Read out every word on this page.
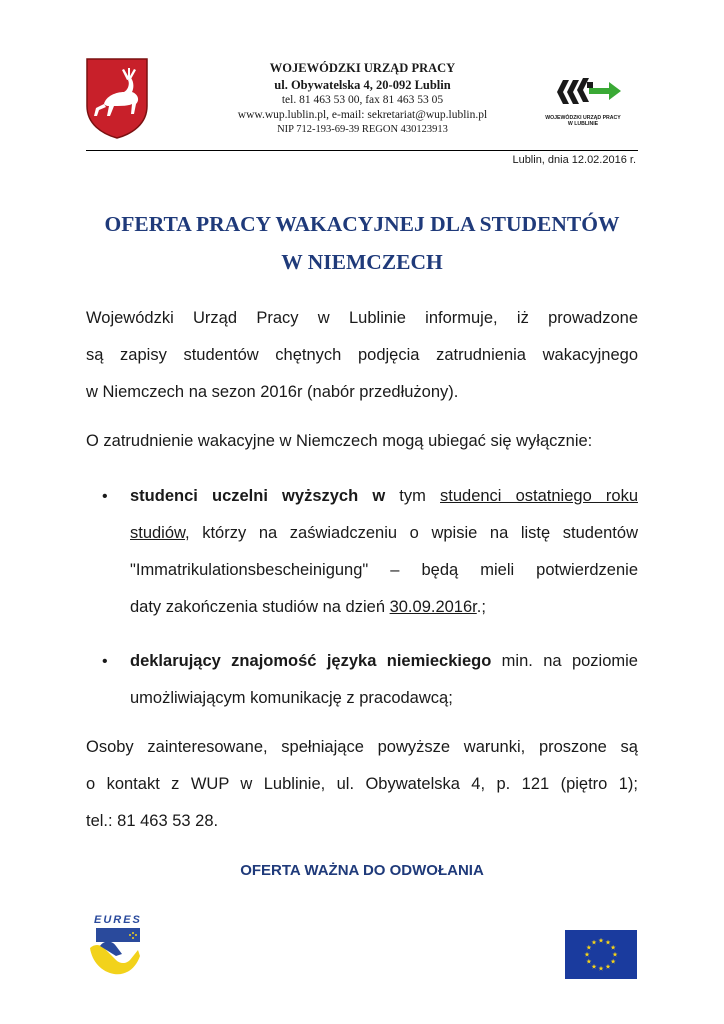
WOJEWÓDZKI URZĄD PRACY
ul. Obywatelska 4, 20-092 Lublin
tel. 81 463 53 00, fax 81 463 53 05
www.wup.lublin.pl, e-mail: sekretariat@wup.lublin.pl
NIP 712-193-69-39 REGON 430123913
WOJEWÓDZKI URZĄD PRACY
W LUBLINIE
Lublin, dnia 12.02.2016 r.
OFERTA PRACY WAKACYJNEJ DLA STUDENTÓW
W NIEMCZECH
Wojewódzki Urząd Pracy w Lublinie informuje, iż prowadzone
są zapisy studentów chętnych podjęcia zatrudnienia wakacyjnego
w Niemczech na sezon 2016r (nabór przedłużony).
O zatrudnienie wakacyjne w Niemczech mogą ubiegać się wyłącznie:
• studenci uczelni wyższych w tym studenci ostatniego roku
studiów, którzy na zaświadczeniu o wpisie na listę studentów
"Immatrikulationsbescheinigung" – będą mieli potwierdzenie
daty zakończenia studiów na dzień 30.09.2016r.;
• deklarujący znajomość języka niemieckiego min. na poziomie
umożliwiającym komunikację z pracodawcą;
Osoby zainteresowane, spełniające powyższe warunki, proszone są
o kontakt z WUP w Lublinie, ul. Obywatelska 4, p. 121 (piętro 1);
tel.: 81 463 53 28.
OFERTA WAŻNA DO ODWOŁANIA
EURES
